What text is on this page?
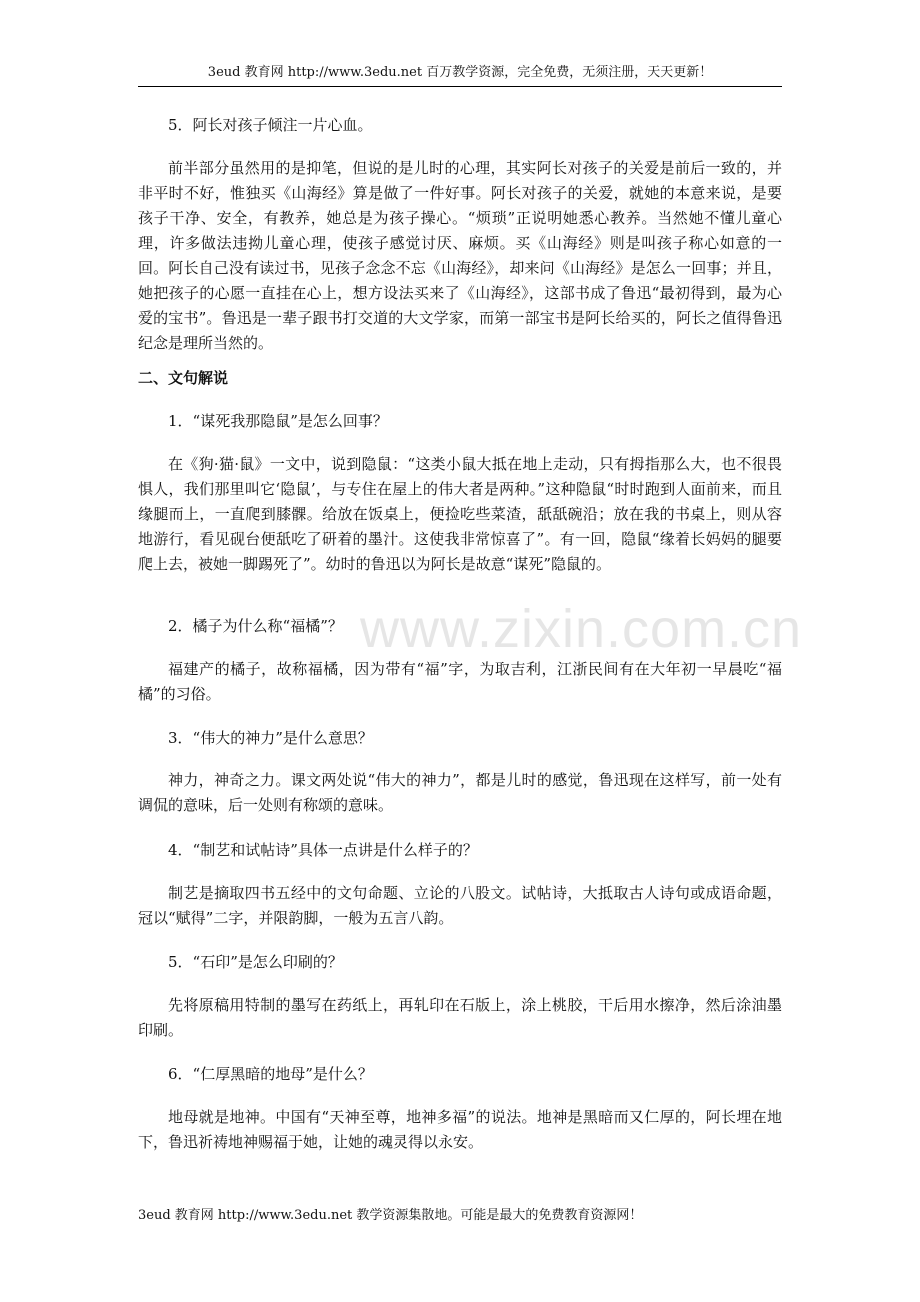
3eud 教育网 http://www.3edu.net 百万教学资源，完全免费，无须注册，天天更新！
www.zixin.com.cn

5．阿长对孩子倾注一片心血。

前半部分虽然用的是抑笔，但说的是儿时的心理，其实阿长对孩子的关爱是前后一致的，并非平时不好，惟独买《山海经》算是做了一件好事。阿长对孩子的关爱，就她的本意来说，是要孩子干净、安全，有教养，她总是为孩子操心。“烦琐”正说明她悉心教养。当然她不懂儿童心理，许多做法违拗儿童心理，使孩子感觉讨厌、麻烦。买《山海经》则是叫孩子称心如意的一回。阿长自己没有读过书，见孩子念念不忘《山海经》，却来问《山海经》是怎么一回事；并且，她把孩子的心愿一直挂在心上，想方设法买来了《山海经》，这部书成了鲁迅“最初得到，最为心爱的宝书”。鲁迅是一辈子跟书打交道的大文学家，而第一部宝书是阿长给买的，阿长之值得鲁迅纪念是理所当然的。

二、文句解说

1．“谋死我那隐鼠”是怎么回事？

在《狗·猫·鼠》一文中，说到隐鼠：“这类小鼠大抵在地上走动，只有拇指那么大，也不很畏惧人，我们那里叫它‘隐鼠’，与专住在屋上的伟大者是两种。”这种隐鼠“时时跑到人面前来，而且缘腿而上，一直爬到膝髁。给放在饭桌上，便捡吃些菜渣，舐舐碗沿；放在我的书桌上，则从容地游行，看见砚台便舐吃了研着的墨汁。这使我非常惊喜了”。有一回，隐鼠“缘着长妈妈的腿要爬上去，被她一脚踢死了”。幼时的鲁迅以为阿长是故意“谋死”隐鼠的。

2．橘子为什么称“福橘”？

福建产的橘子，故称福橘，因为带有“福”字，为取吉利，江浙民间有在大年初一早晨吃“福橘”的习俗。

3．“伟大的神力”是什么意思？

神力，神奇之力。课文两处说“伟大的神力”，都是儿时的感觉，鲁迅现在这样写，前一处有调侃的意味，后一处则有称颂的意味。

4．“制艺和试帖诗”具体一点讲是什么样子的？

制艺是摘取四书五经中的文句命题、立论的八股文。试帖诗，大抵取古人诗句或成语命题，冠以“赋得”二字，并限韵脚，一般为五言八韵。

5．“石印”是怎么印刷的？

先将原稿用特制的墨写在药纸上，再轧印在石版上，涂上桃胶，干后用水擦净，然后涂油墨印刷。

6．“仁厚黑暗的地母”是什么？

地母就是地神。中国有“天神至尊，地神多福”的说法。地神是黑暗而又仁厚的，阿长埋在地下，鲁迅祈祷地神赐福于她，让她的魂灵得以永安。

3eud 教育网 http://www.3edu.net 教学资源集散地。可能是最大的免费教育资源网！
